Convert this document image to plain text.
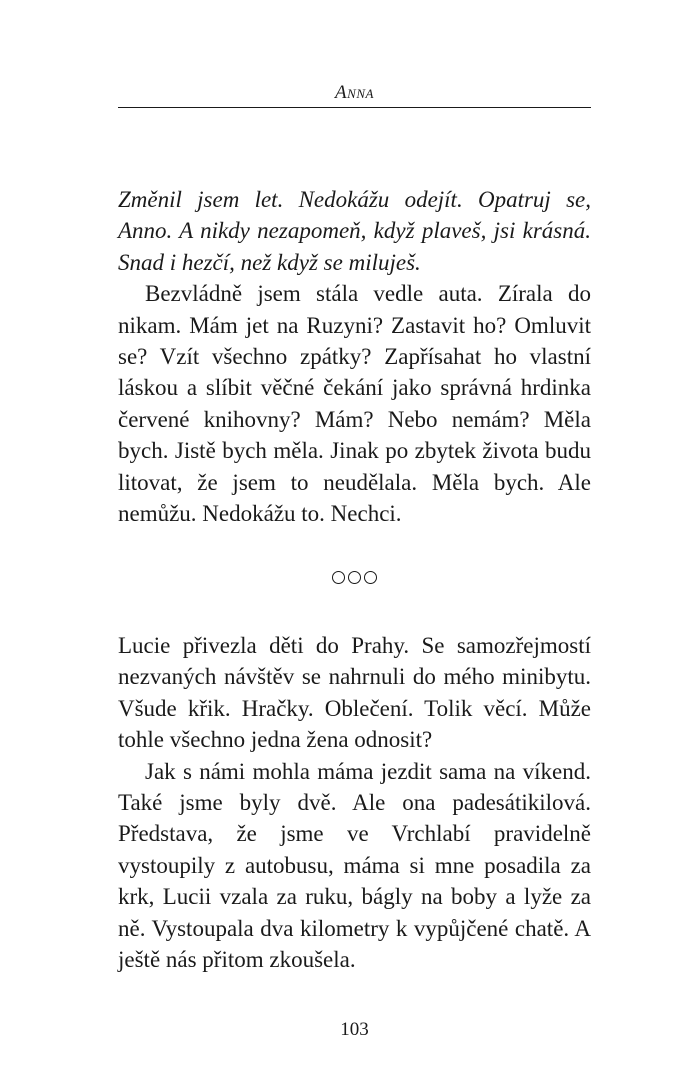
Anna

Změnil jsem let. Nedokážu odejít. Opatruj se, Anno. A nikdy nezapomeň, když plaveš, jsi krásná. Snad i hezčí, než když se miluješ.

Bezvládně jsem stála vedle auta. Zírala do nikam. Mám jet na Ruzyni? Zastavit ho? Omluvit se? Vzít všechno zpátky? Zapřísahat ho vlastní láskou a slíbit věčné čekání jako správná hrdinka červené knihovny? Mám? Nebo nemám? Měla bych. Jistě bych měla. Jinak po zbytek života budu litovat, že jsem to neudělala. Měla bych. Ale nemůžu. Nedokážu to. Nechci.

Lucie přivezla děti do Prahy. Se samozřejmostí nezvaných návštěv se nahrnuli do mého minibytu. Všude křik. Hračky. Oblečení. Tolik věcí. Může tohle všechno jedna žena odnosit?

Jak s námi mohla máma jezdit sama na víkend. Také jsme byly dvě. Ale ona padesátikilová. Představa, že jsme ve Vrchlabí pravidelně vystoupily z autobusu, máma si mne posadila za krk, Lucii vzala za ruku, bágly na boby a lyže za ně. Vystoupala dva kilometry k vypůjčené chatě. A ještě nás přitom zkoušela.

103
